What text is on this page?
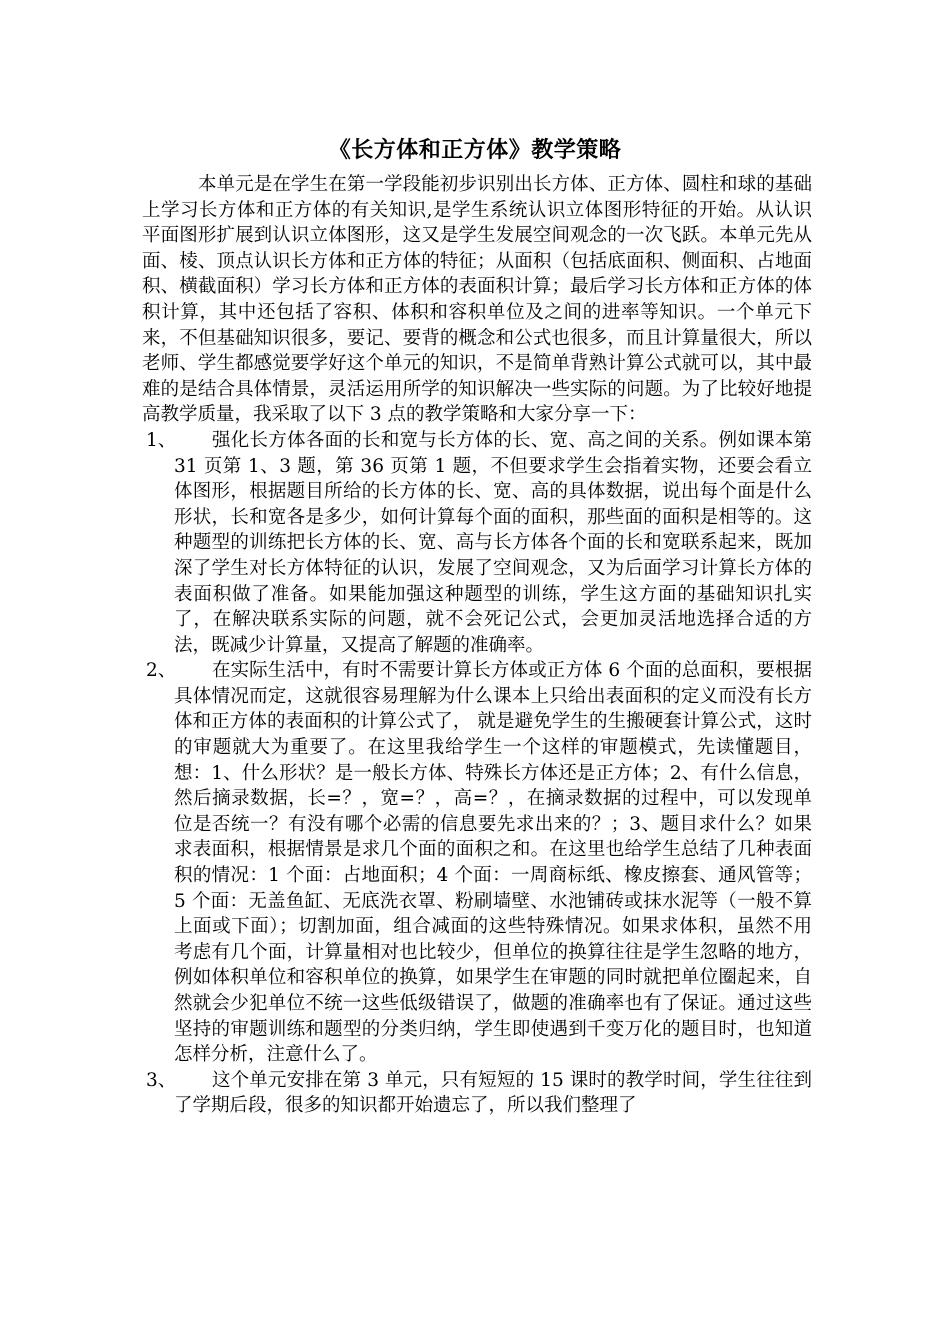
《长方体和正方体》教学策略

本单元是在学生在第一学段能初步识别出长方体、正方体、圆柱和球的基础上学习长方体和正方体的有关知识,是学生系统认识立体图形特征的开始。从认识平面图形扩展到认识立体图形，这又是学生发展空间观念的一次飞跃。本单元先从面、棱、顶点认识长方体和正方体的特征；从面积（包括底面积、侧面积、占地面积、横截面积）学习长方体和正方体的表面积计算；最后学习长方体和正方体的体积计算，其中还包括了容积、体积和容积单位及之间的进率等知识。一个单元下来，不但基础知识很多，要记、要背的概念和公式也很多，而且计算量很大，所以老师、学生都感觉要学好这个单元的知识，不是简单背熟计算公式就可以，其中最难的是结合具体情景，灵活运用所学的知识解决一些实际的问题。为了比较好地提高教学质量，我采取了以下 3 点的教学策略和大家分享一下：

1、	强化长方体各面的长和宽与长方体的长、宽、高之间的关系。例如课本第 31 页第 1、3 题，第 36 页第 1 题，不但要求学生会指着实物，还要会看立体图形，根据题目所给的长方体的长、宽、高的具体数据，说出每个面是什么形状，长和宽各是多少，如何计算每个面的面积，那些面的面积是相等的。这种题型的训练把长方体的长、宽、高与长方体各个面的长和宽联系起来，既加深了学生对长方体特征的认识，发展了空间观念，又为后面学习计算长方体的表面积做了准备。如果能加强这种题型的训练，学生这方面的基础知识扎实了，在解决联系实际的问题，就不会死记公式，会更加灵活地选择合适的方法，既减少计算量，又提高了解题的准确率。
2、	在实际生活中，有时不需要计算长方体或正方体 6 个面的总面积，要根据具体情况而定，这就很容易理解为什么课本上只给出表面积的定义而没有长方体和正方体的表面积的计算公式了， 就是避免学生的生搬硬套计算公式，这时的审题就大为重要了。在这里我给学生一个这样的审题模式，先读懂题目，想：1、什么形状？是一般长方体、特殊长方体还是正方体；2、有什么信息，然后摘录数据，长=？，宽=？，高=？，在摘录数据的过程中，可以发现单位是否统一？有没有哪个必需的信息要先求出来的？；3、题目求什么？如果求表面积，根据情景是求几个面的面积之和。在这里也给学生总结了几种表面积的情况：1 个面：占地面积；4 个面：一周商标纸、橡皮擦套、通风管等；5 个面：无盖鱼缸、无底洗衣罩、粉刷墙壁、水池铺砖或抹水泥等（一般不算上面或下面）；切割加面，组合减面的这些特殊情况。如果求体积，虽然不用考虑有几个面，计算量相对也比较少，但单位的换算往往是学生忽略的地方，例如体积单位和容积单位的换算，如果学生在审题的同时就把单位圈起来，自然就会少犯单位不统一这些低级错误了，做题的准确率也有了保证。通过这些坚持的审题训练和题型的分类归纳，学生即使遇到千变万化的题目时，也知道怎样分析，注意什么了。
3、	这个单元安排在第 3 单元，只有短短的 15 课时的教学时间，学生往往到了学期后段，很多的知识都开始遗忘了，所以我们整理了
